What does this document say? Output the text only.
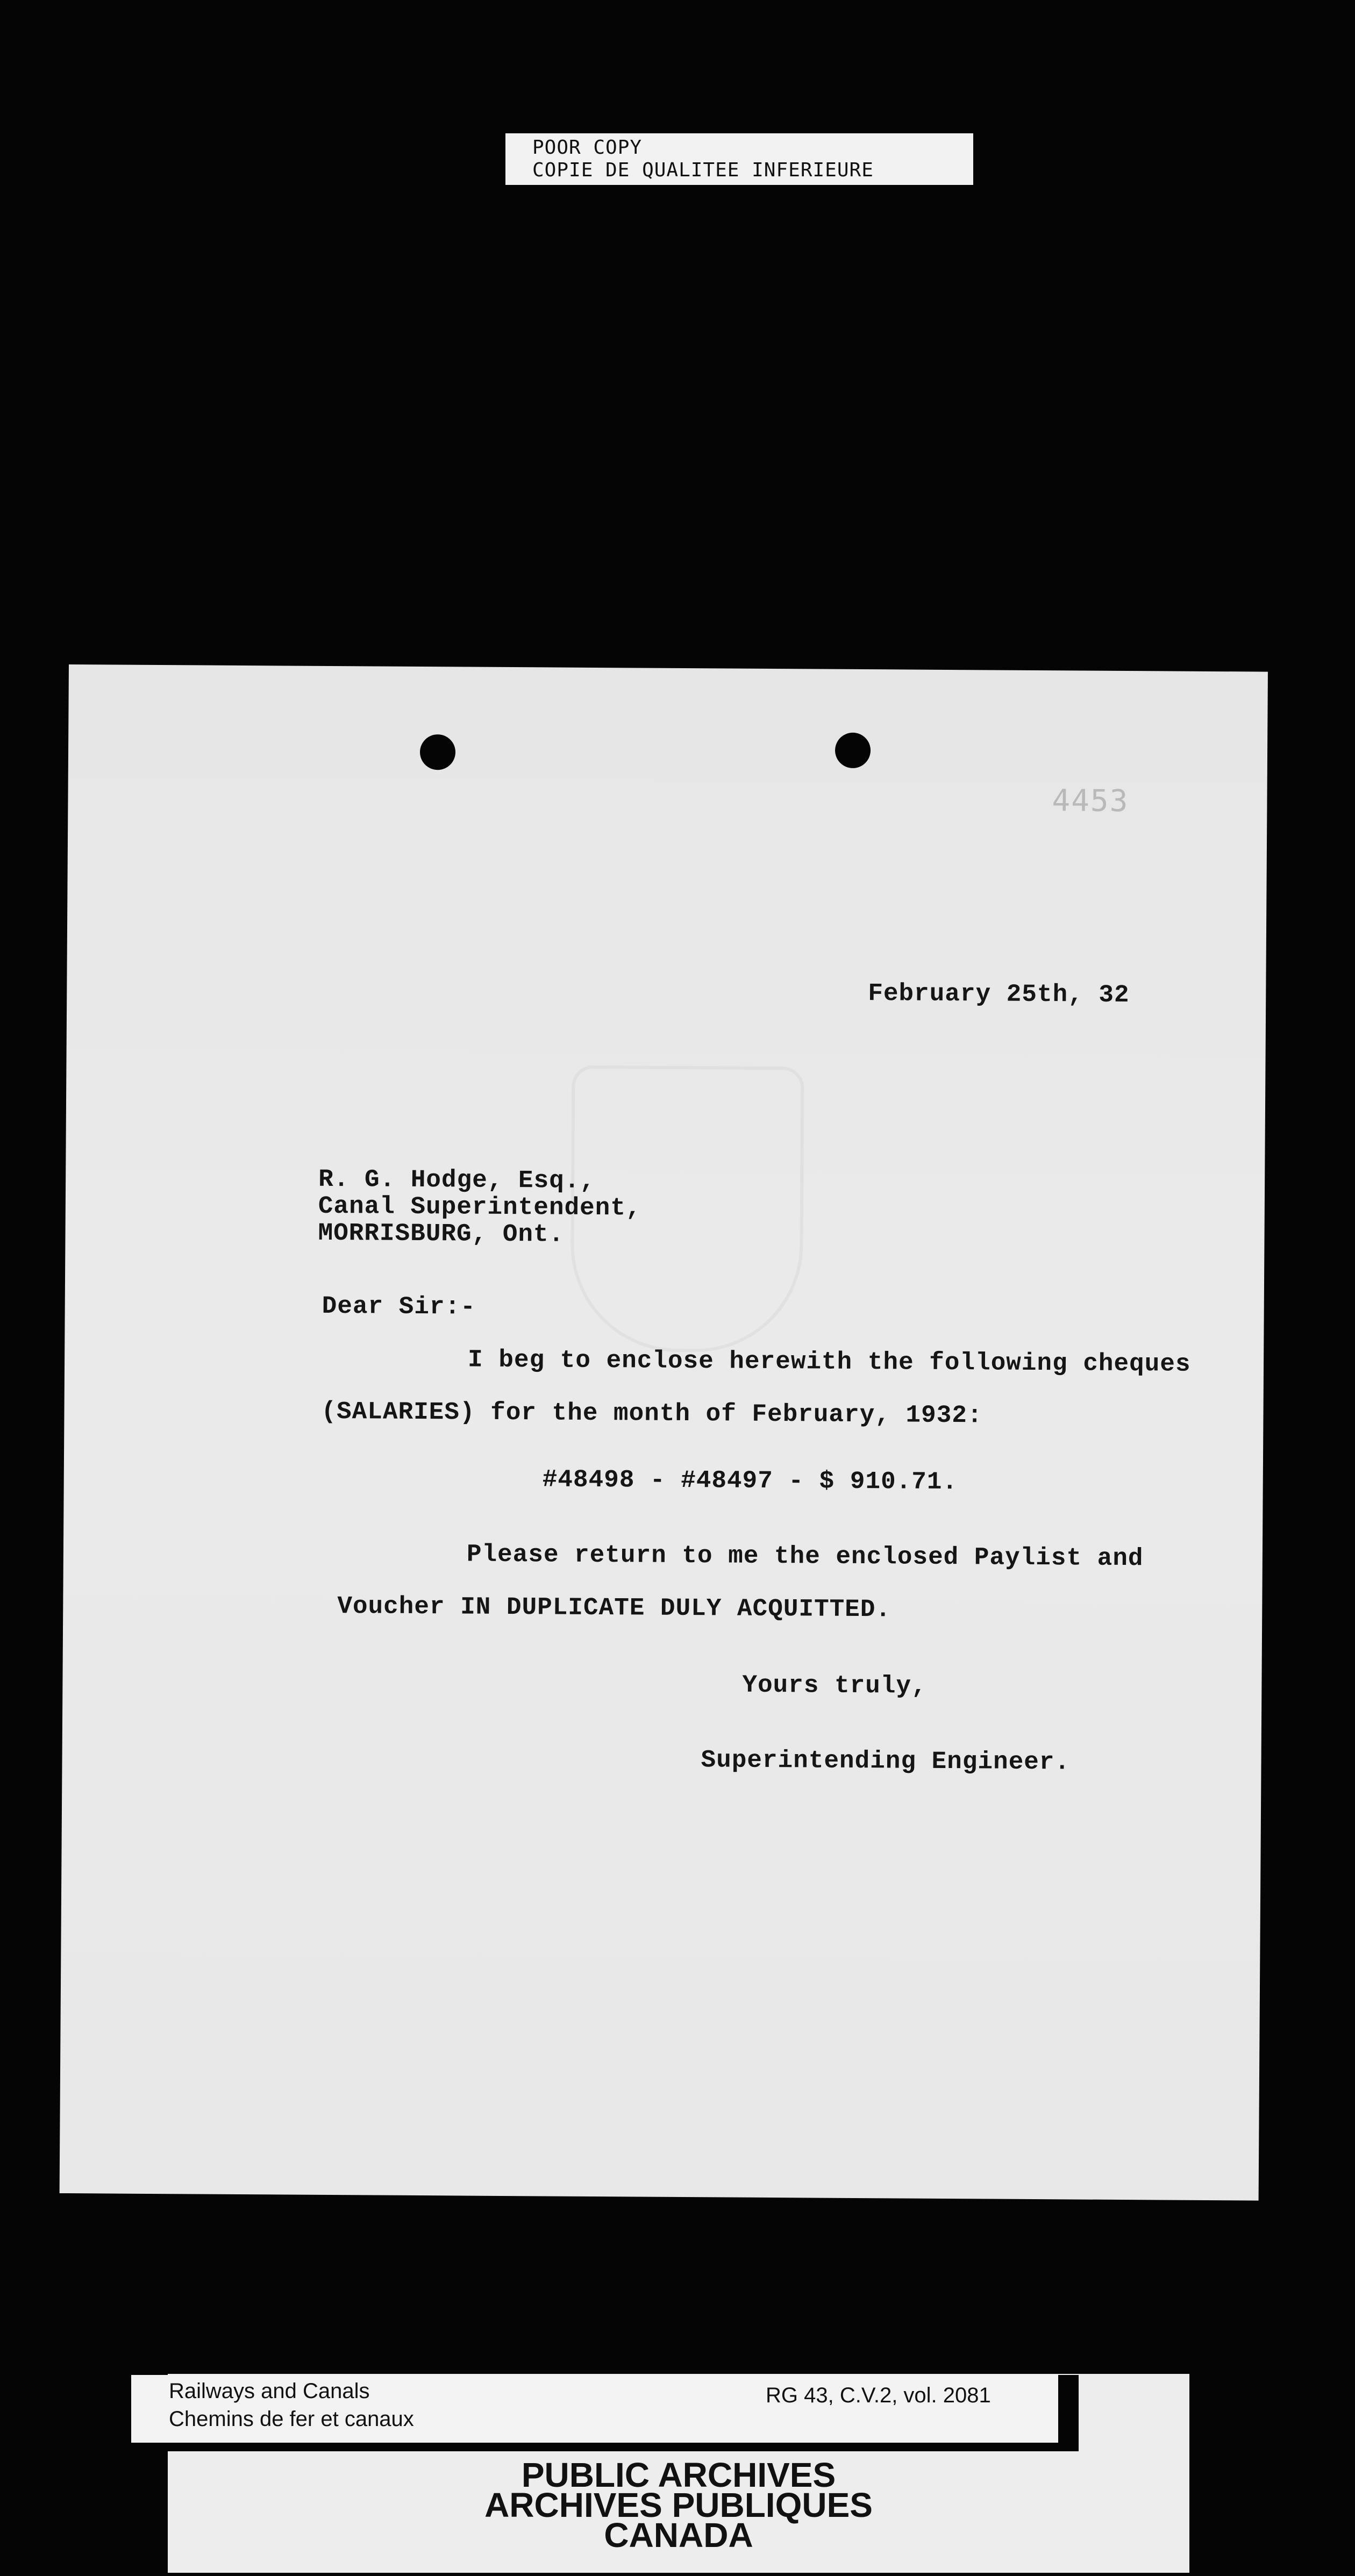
POOR COPY
COPIE DE QUALITEE INFERIEURE
4453
February 25th, 32
R. G. Hodge, Esq.,
Canal Superintendent,
MORRISBURG, Ont.
Dear Sir:-
I beg to enclose herewith the following cheques
(SALARIES) for the month of February, 1932:
#48498 - #48497 - $ 910.71.
Please return to me the enclosed Paylist and
Voucher IN DUPLICATE DULY ACQUITTED.
Yours truly,
Superintending Engineer.
Railways and Canals
Chemins de fer et canaux
RG 43, C.V.2, vol. 2081
PUBLIC ARCHIVES
ARCHIVES PUBLIQUES
CANADA
